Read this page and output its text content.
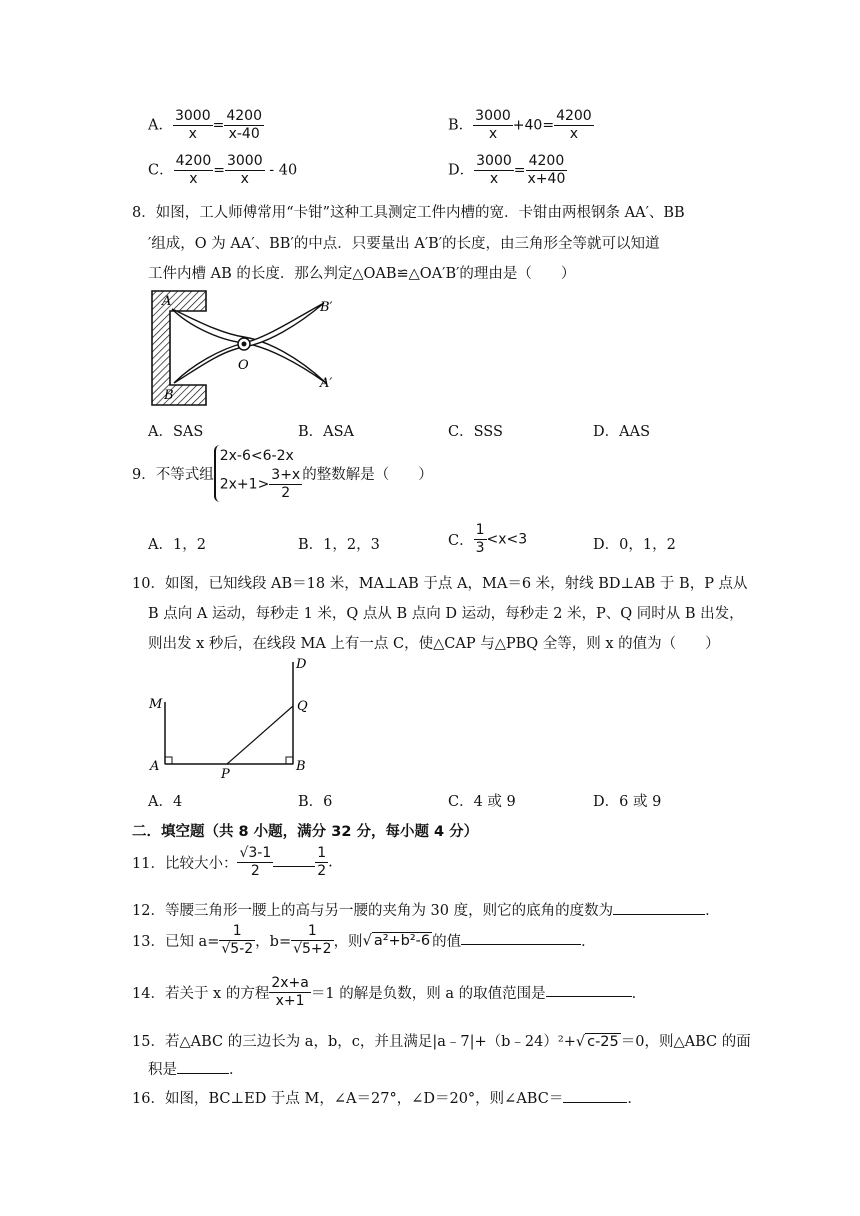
A． $\frac{3000}{x} = \frac{4200}{x-40}$	B． $\frac{3000}{x} +40= \frac{4200}{x}$
C． $\frac{4200}{x} = \frac{3000}{x} - 40$	D． $\frac{3000}{x} = \frac{4200}{x+40}$
8．如图，工人师傅常用“卡钳”这种工具测定工件内槽的宽．卡钳由两根钢条 AA′、BB
′组成，O 为 AA′、BB′的中点．只要量出 A′B′的长度，由三角形全等就可以知道
工件内槽 AB 的长度．那么判定△OAB≌△OA′B′的理由是（　　）
A
B
O
B′
A′
A．SAS	B．ASA	C．SSS	D．AAS
9．不等式组
2x-6<6-2x
$2x+1> \frac{3+x}{2}$ 的整数解是（　　）
A．1，2	B．1，2，3	C． $\frac{1}{3} <x<3$	D．0，1，2
10．如图，已知线段 AB＝18 米，MA⊥AB 于点 A，MA＝6 米，射线 BD⊥AB 于 B，P 点从
B 点向 A 运动，每秒走 1 米，Q 点从 B 点向 D 运动，每秒走 2 米，P、Q 同时从 B 出发，
则出发 x 秒后，在线段 MA 上有一点 C，使△CAP 与△PBQ 全等，则 x 的值为（　　）
M
A
P
B
Q
D
A．4	B．6	C．4 或 9	D．6 或 9
二．填空题（共 8 小题，满分 32 分，每小题 4 分）
11．比较大小： $\frac{√3-1}{2}$	$\frac{1}{2}$ .
12．等腰三角形一腰上的高与另一腰的夹角为 30 度，则它的底角的度数为	．
13．已知 $a= \frac{1}{√5-2}$ ，$b= \frac{1}{√5+2}$ ，则√ a²+b²-6 的值	．
14．若关于 x 的方程 $\frac{2x+a}{x+1} =1$ 的解是负数，则 a 的取值范围是	．
15．若△ABC 的三边长为 a，b，c，并且满足|a﹣7|+（b﹣24）²+√ c-25 ＝0，则△ABC 的面
积是	．
16．如图，BC⊥ED 于点 M，∠A＝27°，∠D＝20°，则∠ABC＝	．
